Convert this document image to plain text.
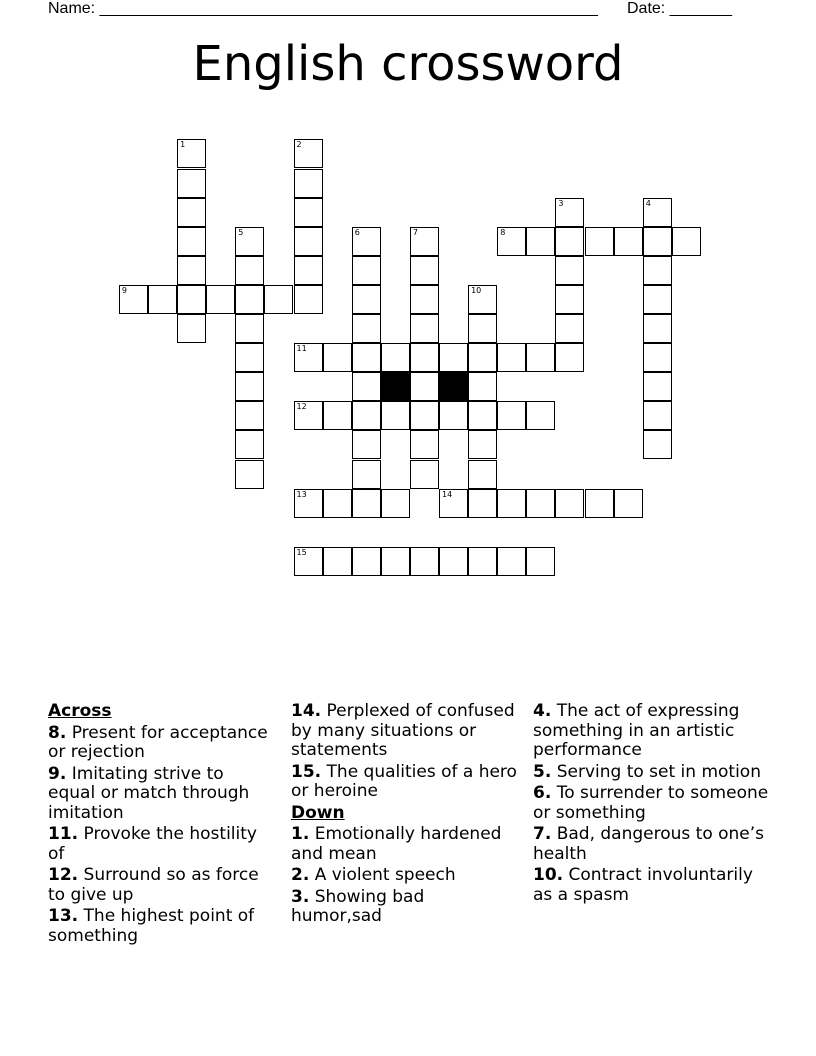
Name: ________________________________________________________ Date: _______
English crossword
1	2
9
5	6	7	8
3	4
10
11
12
13	14
15
Across
8. Present for acceptance or rejection
9. Imitating strive to equal or match through imitation
11. Provoke the hostility of
12. Surround so as force to give up
13. The highest point of something
14. Perplexed of confused by many situations or statements
15. The qualities of a hero or heroine
Down
1. Emotionally hardened and mean
2. A violent speech
3. Showing bad humor,sad
4. The act of expressing something in an artistic performance
5. Serving to set in motion
6. To surrender to someone or something
7. Bad, dangerous to one’s health
10. Contract involuntarily as a spasm
